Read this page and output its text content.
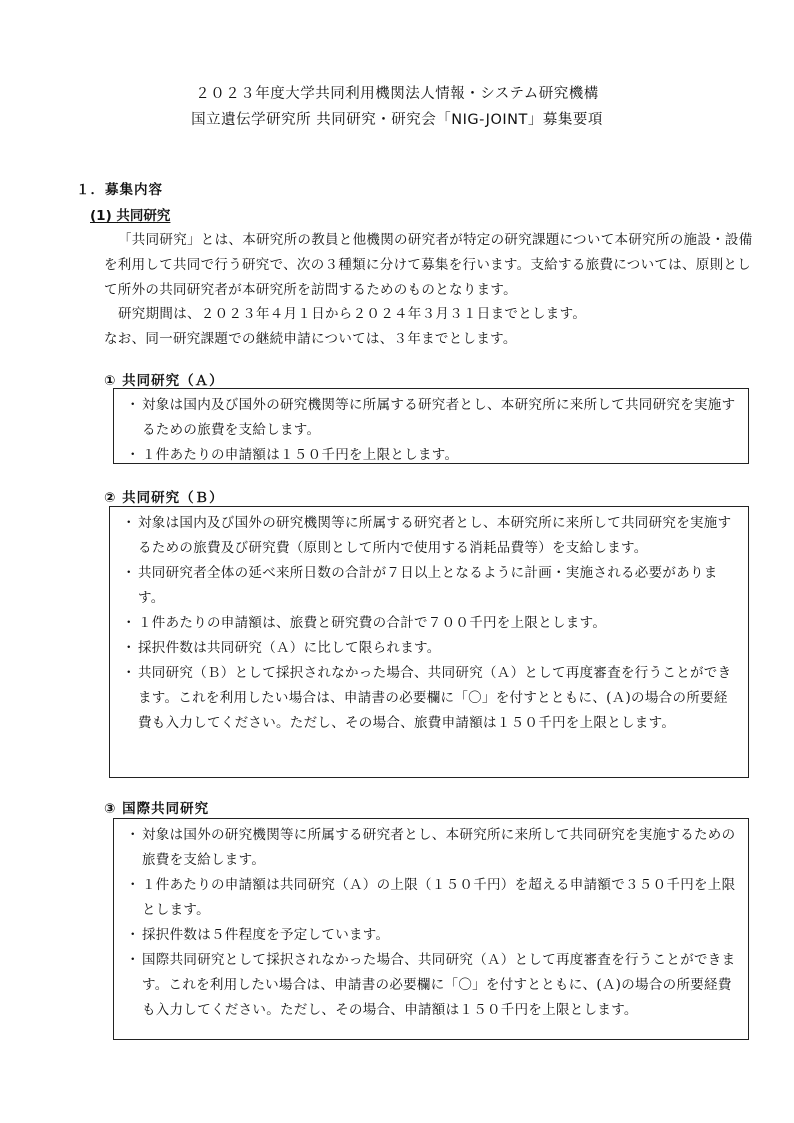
２０２３年度大学共同利用機関法人情報・システム研究機構
国立遺伝学研究所 共同研究・研究会「NIG-JOINT」募集要項
１．募集内容
(1) 共同研究
「共同研究」とは、本研究所の教員と他機関の研究者が特定の研究課題について本研究所の施設・設備を利用して共同で行う研究で、次の３種類に分けて募集を行います。支給する旅費については、原則として所外の共同研究者が本研究所を訪問するためのものとなります。
研究期間は、２０２３年４月１日から２０２４年３月３１日までとします。
なお、同一研究課題での継続申請については、３年までとします。
① 共同研究（Ａ）
・ 対象は国内及び国外の研究機関等に所属する研究者とし、本研究所に来所して共同研究を実施するための旅費を支給します。
・ １件あたりの申請額は１５０千円を上限とします。
② 共同研究（Ｂ）
・ 対象は国内及び国外の研究機関等に所属する研究者とし、本研究所に来所して共同研究を実施するための旅費及び研究費（原則として所内で使用する消耗品費等）を支給します。
・ 共同研究者全体の延べ来所日数の合計が７日以上となるように計画・実施される必要があります。
・ １件あたりの申請額は、旅費と研究費の合計で７００千円を上限とします。
・ 採択件数は共同研究（Ａ）に比して限られます。
・ 共同研究（Ｂ）として採択されなかった場合、共同研究（Ａ）として再度審査を行うことができます。これを利用したい場合は、申請書の必要欄に「〇」を付すとともに、(Ａ)の場合の所要経費も入力してください。ただし、その場合、旅費申請額は１５０千円を上限とします。
③ 国際共同研究
・ 対象は国外の研究機関等に所属する研究者とし、本研究所に来所して共同研究を実施するための旅費を支給します。
・ １件あたりの申請額は共同研究（Ａ）の上限（１５０千円）を超える申請額で３５０千円を上限とします。
・ 採択件数は５件程度を予定しています。
・ 国際共同研究として採択されなかった場合、共同研究（Ａ）として再度審査を行うことができます。これを利用したい場合は、申請書の必要欄に「〇」を付すとともに、(Ａ)の場合の所要経費も入力してください。ただし、その場合、申請額は１５０千円を上限とします。
